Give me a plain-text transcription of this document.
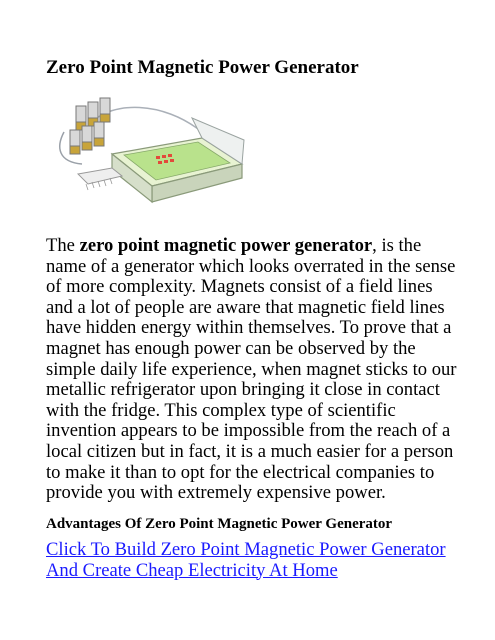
Zero Point Magnetic Power Generator

The zero point magnetic power generator, is the name of a generator which looks overrated in the sense of more complexity. Magnets consist of a field lines and a lot of people are aware that magnetic field lines have hidden energy within themselves. To prove that a magnet has enough power can be observed by the simple daily life experience, when magnet sticks to our metallic refrigerator upon bringing it close in contact with the fridge. This complex type of scientific invention appears to be impossible from the reach of a local citizen but in fact, it is a much easier for a person to make it than to opt for the electrical companies to provide you with extremely expensive power.

Advantages Of Zero Point Magnetic Power Generator
Click To Build Zero Point Magnetic Power Generator And Create Cheap Electricity At Home
